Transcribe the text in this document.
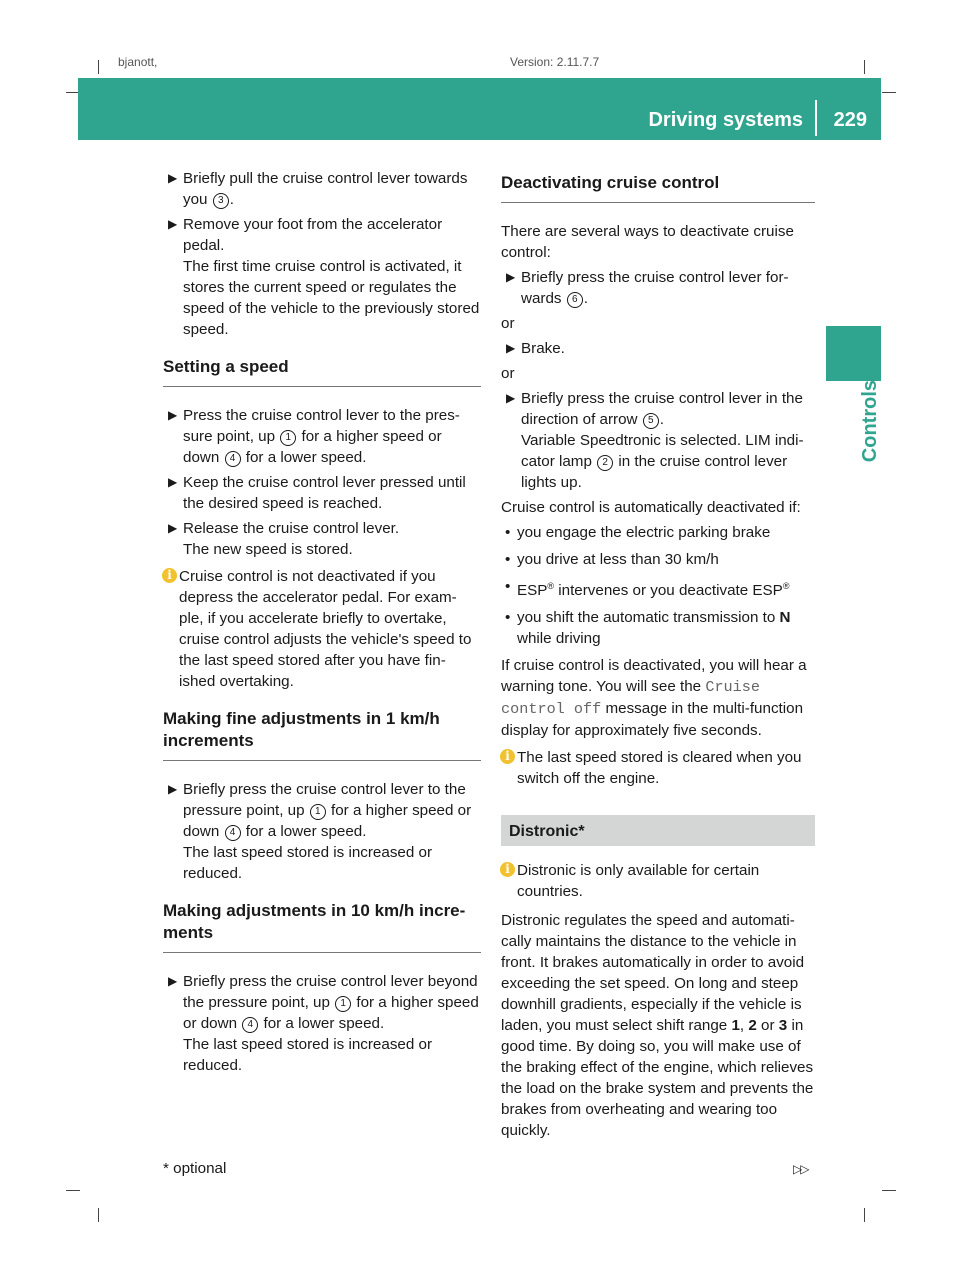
bjanott,	Version: 2.11.7.7
Driving systems 229
Controls
▶ Briefly pull the cruise control lever towards you 3 .
▶ Remove your foot from the accelerator pedal.
The first time cruise control is activated, it stores the current speed or regulates the speed of the vehicle to the previously stored speed.
Setting a speed
▶ Press the cruise control lever to the pres- sure point, up 1 for a higher speed or down 4 for a lower speed.
▶ Keep the cruise control lever pressed until the desired speed is reached.
▶ Release the cruise control lever.
The new speed is stored.
i Cruise control is not deactivated if you depress the accelerator pedal. For exam- ple, if you accelerate briefly to overtake, cruise control adjusts the vehicle's speed to the last speed stored after you have fin- ished overtaking.
Making fine adjustments in 1 km/h increments
▶ Briefly press the cruise control lever to the pressure point, up 1 for a higher speed or down 4 for a lower speed.
The last speed stored is increased or reduced.
Making adjustments in 10 km/h incre- ments
▶ Briefly press the cruise control lever beyond the pressure point, up 1 for a higher speed or down 4 for a lower speed.
The last speed stored is increased or reduced.
Deactivating cruise control
There are several ways to deactivate cruise control:
▶ Briefly press the cruise control lever for- wards 6 .
or
▶ Brake.
or
▶ Briefly press the cruise control lever in the direction of arrow 5 .
Variable Speedtronic is selected. LIM indi- cator lamp 2 in the cruise control lever lights up.
Cruise control is automatically deactivated if:
• you engage the electric parking brake
• you drive at less than 30 km/h
• ESP® intervenes or you deactivate ESP®
• you shift the automatic transmission to N while driving
If cruise control is deactivated, you will hear a warning tone. You will see the Cruise control off message in the multi-function display for approximately five seconds.
i The last speed stored is cleared when you switch off the engine.
Distronic*
i Distronic is only available for certain countries.
Distronic regulates the speed and automati- cally maintains the distance to the vehicle in front. It brakes automatically in order to avoid exceeding the set speed. On long and steep downhill gradients, especially if the vehicle is laden, you must select shift range 1, 2 or 3 in good time. By doing so, you will make use of the braking effect of the engine, which relieves the load on the brake system and prevents the brakes from overheating and wearing too quickly.
* optional	▷▷
